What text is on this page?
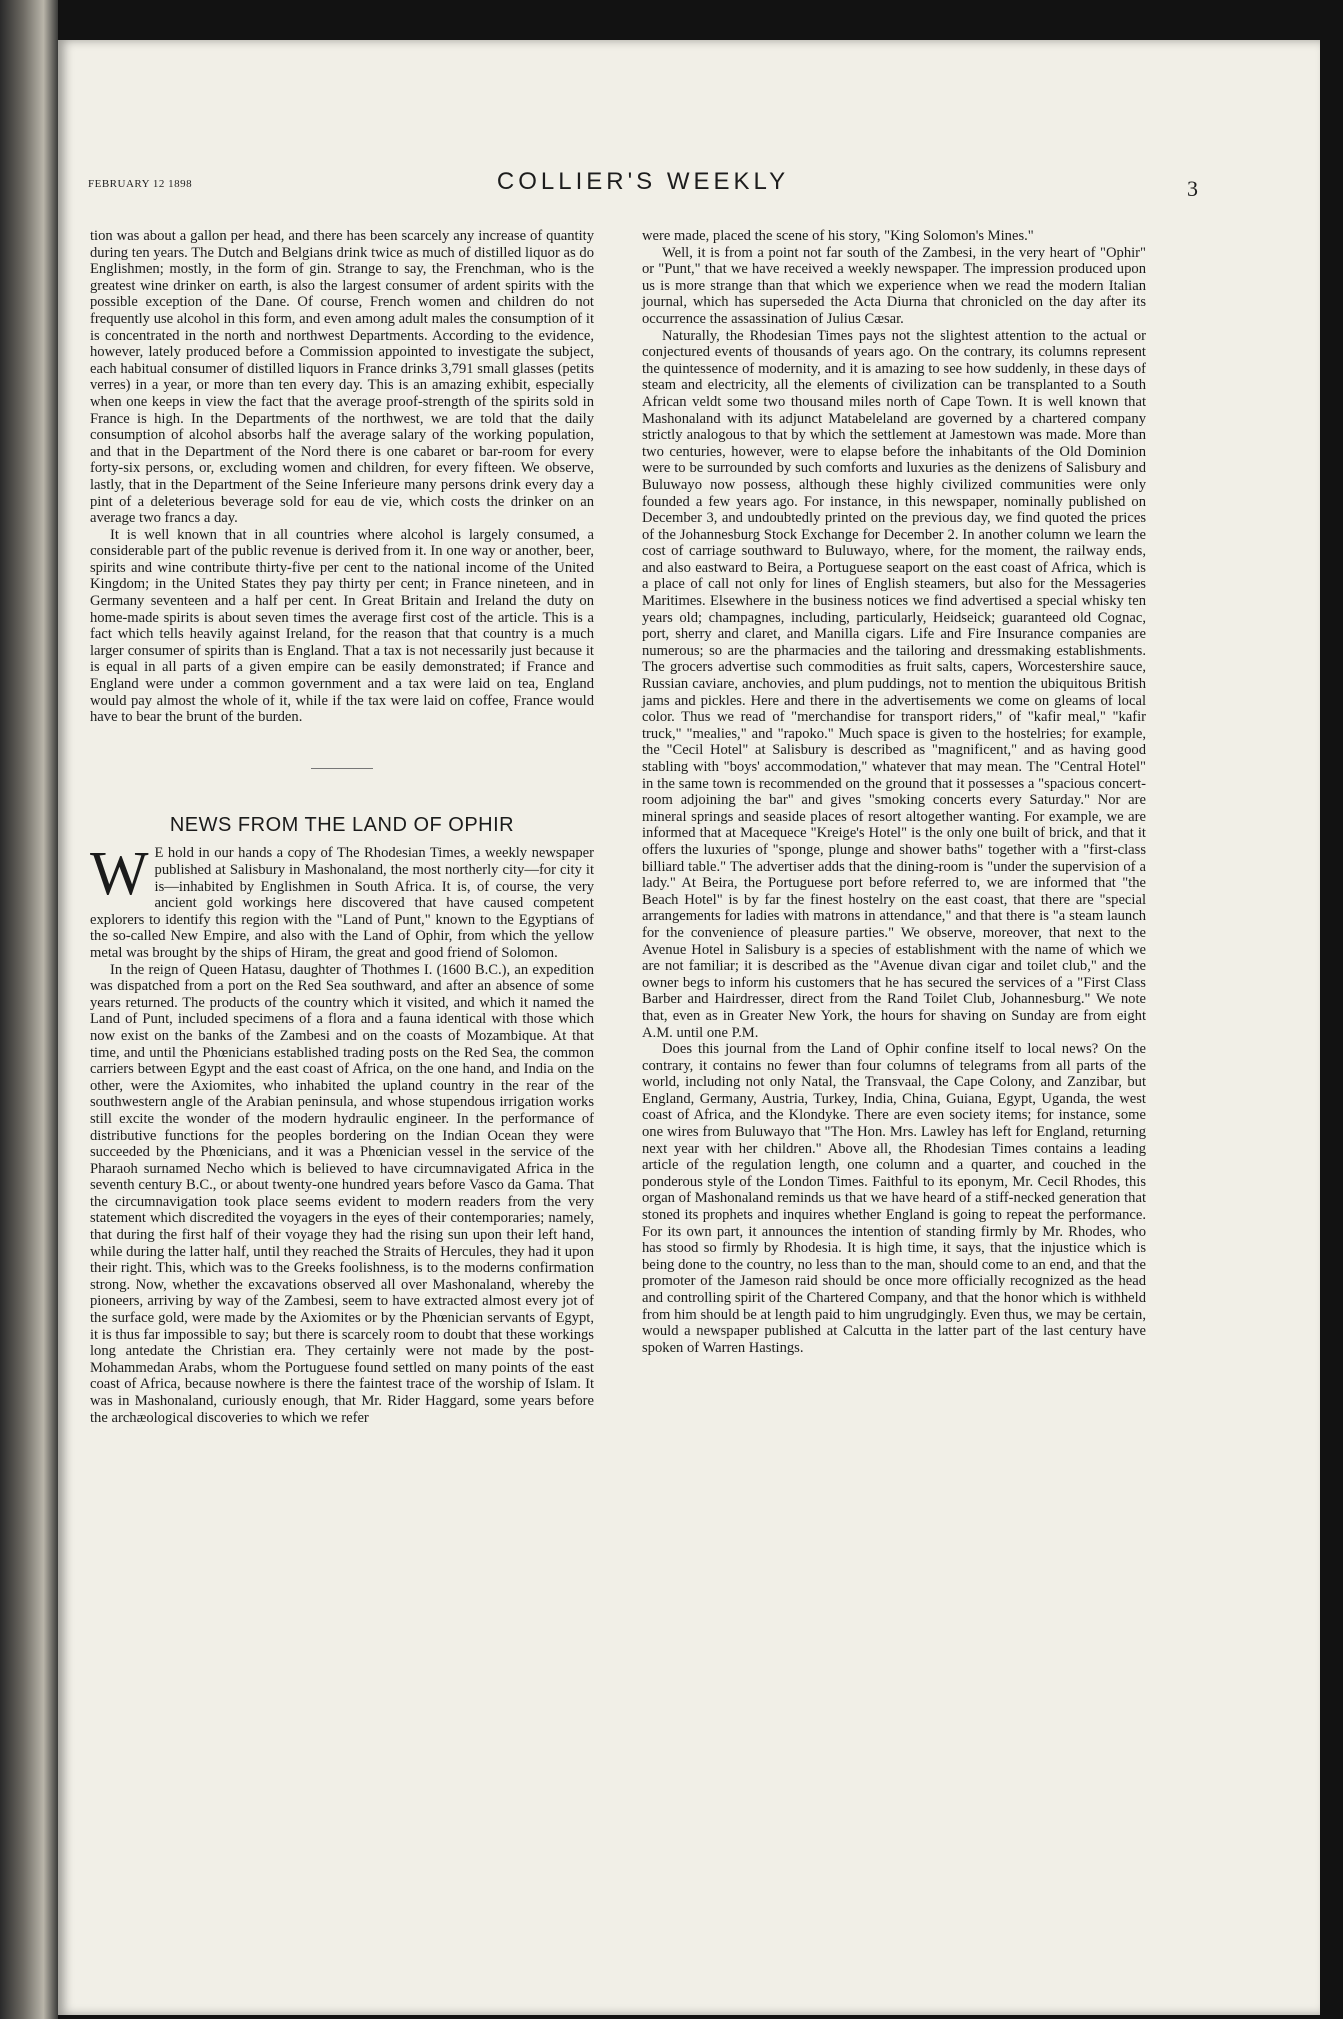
FEBRUARY 12 1898	COLLIER'S WEEKLY	3

tion was about a gallon per head, and there has been scarcely any increase of quantity during ten years. The Dutch and Belgians drink twice as much of distilled liquor as do Englishmen; mostly, in the form of gin. Strange to say, the Frenchman, who is the greatest wine drinker on earth, is also the largest consumer of ardent spirits with the possible exception of the Dane. Of course, French women and children do not frequently use alcohol in this form, and even among adult males the consumption of it is concentrated in the north and northwest Departments. According to the evidence, however, lately produced before a Commission appointed to investigate the subject, each habitual consumer of distilled liquors in France drinks 3,791 small glasses (petits verres) in a year, or more than ten every day. This is an amazing exhibit, especially when one keeps in view the fact that the average proof-strength of the spirits sold in France is high. In the Departments of the northwest, we are told that the daily consumption of alcohol absorbs half the average salary of the working population, and that in the Department of the Nord there is one cabaret or bar-room for every forty-six persons, or, excluding women and children, for every fifteen. We observe, lastly, that in the Department of the Seine Inferieure many persons drink every day a pint of a deleterious beverage sold for eau de vie, which costs the drinker on an average two francs a day.

It is well known that in all countries where alcohol is largely consumed, a considerable part of the public revenue is derived from it. In one way or another, beer, spirits and wine contribute thirty-five per cent to the national income of the United Kingdom; in the United States they pay thirty per cent; in France nineteen, and in Germany seventeen and a half per cent. In Great Britain and Ireland the duty on home-made spirits is about seven times the average first cost of the article. This is a fact which tells heavily against Ireland, for the reason that that country is a much larger consumer of spirits than is England. That a tax is not necessarily just because it is equal in all parts of a given empire can be easily demonstrated; if France and England were under a common government and a tax were laid on tea, England would pay almost the whole of it, while if the tax were laid on coffee, France would have to bear the brunt of the burden.

NEWS FROM THE LAND OF OPHIR

W E hold in our hands a copy of The Rhodesian Times, a weekly newspaper published at Salisbury in Mashonaland, the most northerly city—for city it is—inhabited by Englishmen in South Africa. It is, of course, the very ancient gold workings here discovered that have caused competent explorers to identify this region with the "Land of Punt," known to the Egyptians of the so-called New Empire, and also with the Land of Ophir, from which the yellow metal was brought by the ships of Hiram, the great and good friend of Solomon.

In the reign of Queen Hatasu, daughter of Thothmes I. (1600 B.C.), an expedition was dispatched from a port on the Red Sea southward, and after an absence of some years returned. The products of the country which it visited, and which it named the Land of Punt, included specimens of a flora and a fauna identical with those which now exist on the banks of the Zambesi and on the coasts of Mozambique. At that time, and until the Phœnicians established trading posts on the Red Sea, the common carriers between Egypt and the east coast of Africa, on the one hand, and India on the other, were the Axiomites, who inhabited the upland country in the rear of the southwestern angle of the Arabian peninsula, and whose stupendous irrigation works still excite the wonder of the modern hydraulic engineer. In the performance of distributive functions for the peoples bordering on the Indian Ocean they were succeeded by the Phœnicians, and it was a Phœnician vessel in the service of the Pharaoh surnamed Necho which is believed to have circumnavigated Africa in the seventh century B.C., or about twenty-one hundred years before Vasco da Gama. That the circumnavigation took place seems evident to modern readers from the very statement which discredited the voyagers in the eyes of their contemporaries; namely, that during the first half of their voyage they had the rising sun upon their left hand, while during the latter half, until they reached the Straits of Hercules, they had it upon their right. This, which was to the Greeks foolishness, is to the moderns confirmation strong. Now, whether the excavations observed all over Mashonaland, whereby the pioneers, arriving by way of the Zambesi, seem to have extracted almost every jot of the surface gold, were made by the Axiomites or by the Phœnician servants of Egypt, it is thus far impossible to say; but there is scarcely room to doubt that these workings long antedate the Christian era. They certainly were not made by the post-Mohammedan Arabs, whom the Portuguese found settled on many points of the east coast of Africa, because nowhere is there the faintest trace of the worship of Islam. It was in Mashonaland, curiously enough, that Mr. Rider Haggard, some years before the archæological discoveries to which we refer

were made, placed the scene of his story, "King Solomon's Mines."

Well, it is from a point not far south of the Zambesi, in the very heart of "Ophir" or "Punt," that we have received a weekly newspaper. The impression produced upon us is more strange than that which we experience when we read the modern Italian journal, which has superseded the Acta Diurna that chronicled on the day after its occurrence the assassination of Julius Cæsar.

Naturally, the Rhodesian Times pays not the slightest attention to the actual or conjectured events of thousands of years ago. On the contrary, its columns represent the quintessence of modernity, and it is amazing to see how suddenly, in these days of steam and electricity, all the elements of civilization can be transplanted to a South African veldt some two thousand miles north of Cape Town. It is well known that Mashonaland with its adjunct Matabeleland are governed by a chartered company strictly analogous to that by which the settlement at Jamestown was made. More than two centuries, however, were to elapse before the inhabitants of the Old Dominion were to be surrounded by such comforts and luxuries as the denizens of Salisbury and Buluwayo now possess, although these highly civilized communities were only founded a few years ago. For instance, in this newspaper, nominally published on December 3, and undoubtedly printed on the previous day, we find quoted the prices of the Johannesburg Stock Exchange for December 2. In another column we learn the cost of carriage southward to Buluwayo, where, for the moment, the railway ends, and also eastward to Beira, a Portuguese seaport on the east coast of Africa, which is a place of call not only for lines of English steamers, but also for the Messageries Maritimes. Elsewhere in the business notices we find advertised a special whisky ten years old; champagnes, including, particularly, Heidseick; guaranteed old Cognac, port, sherry and claret, and Manilla cigars. Life and Fire Insurance companies are numerous; so are the pharmacies and the tailoring and dressmaking establishments. The grocers advertise such commodities as fruit salts, capers, Worcestershire sauce, Russian caviare, anchovies, and plum puddings, not to mention the ubiquitous British jams and pickles. Here and there in the advertisements we come on gleams of local color. Thus we read of "merchandise for transport riders," of "kafir meal," "kafir truck," "mealies," and "rapoko." Much space is given to the hostelries; for example, the "Cecil Hotel" at Salisbury is described as "magnificent," and as having good stabling with "boys' accommodation," whatever that may mean. The "Central Hotel" in the same town is recommended on the ground that it possesses a "spacious concert-room adjoining the bar" and gives "smoking concerts every Saturday." Nor are mineral springs and seaside places of resort altogether wanting. For example, we are informed that at Macequece "Kreige's Hotel" is the only one built of brick, and that it offers the luxuries of "sponge, plunge and shower baths" together with a "first-class billiard table." The advertiser adds that the dining-room is "under the supervision of a lady." At Beira, the Portuguese port before referred to, we are informed that "the Beach Hotel" is by far the finest hostelry on the east coast, that there are "special arrangements for ladies with matrons in attendance," and that there is "a steam launch for the convenience of pleasure parties." We observe, moreover, that next to the Avenue Hotel in Salisbury is a species of establishment with the name of which we are not familiar; it is described as the "Avenue divan cigar and toilet club," and the owner begs to inform his customers that he has secured the services of a "First Class Barber and Hairdresser, direct from the Rand Toilet Club, Johannesburg." We note that, even as in Greater New York, the hours for shaving on Sunday are from eight A.M. until one P.M.

Does this journal from the Land of Ophir confine itself to local news? On the contrary, it contains no fewer than four columns of telegrams from all parts of the world, including not only Natal, the Transvaal, the Cape Colony, and Zanzibar, but England, Germany, Austria, Turkey, India, China, Guiana, Egypt, Uganda, the west coast of Africa, and the Klondyke. There are even society items; for instance, some one wires from Buluwayo that "The Hon. Mrs. Lawley has left for England, returning next year with her children." Above all, the Rhodesian Times contains a leading article of the regulation length, one column and a quarter, and couched in the ponderous style of the London Times. Faithful to its eponym, Mr. Cecil Rhodes, this organ of Mashonaland reminds us that we have heard of a stiff-necked generation that stoned its prophets and inquires whether England is going to repeat the performance. For its own part, it announces the intention of standing firmly by Mr. Rhodes, who has stood so firmly by Rhodesia. It is high time, it says, that the injustice which is being done to the country, no less than to the man, should come to an end, and that the promoter of the Jameson raid should be once more officially recognized as the head and controlling spirit of the Chartered Company, and that the honor which is withheld from him should be at length paid to him ungrudgingly. Even thus, we may be certain, would a newspaper published at Calcutta in the latter part of the last century have spoken of Warren Hastings.
